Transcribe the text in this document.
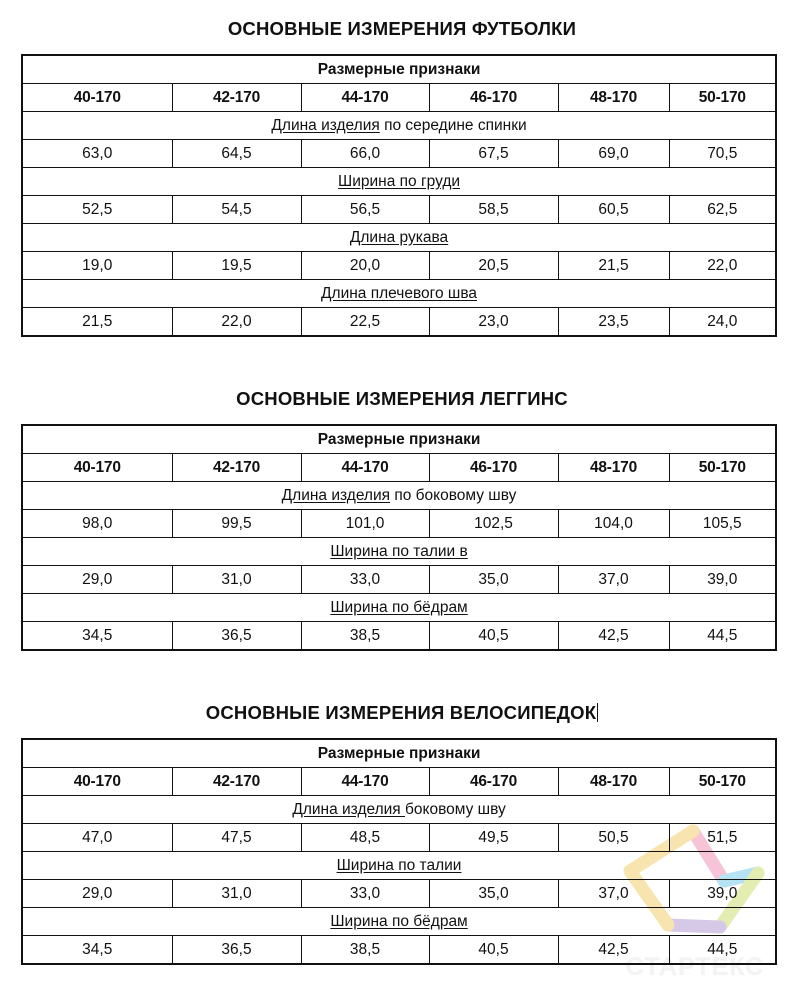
СТАРТЕКС
ОСНОВНЫЕ ИЗМЕРЕНИЯ ФУТБОЛКИ
Размерные признаки					
40-170	42-170	44-170	46-170	48-170	50-170
Длина изделия по середине спинки					
63,0	64,5	66,0	67,5	69,0	70,5
Ширина по груди					
52,5	54,5	56,5	58,5	60,5	62,5
Длина рукава					
19,0	19,5	20,0	20,5	21,5	22,0
Длина плечевого шва					
21,5	22,0	22,5	23,0	23,5	24,0
ОСНОВНЫЕ ИЗМЕРЕНИЯ ЛЕГГИНС
Размерные признаки					
40-170	42-170	44-170	46-170	48-170	50-170
Длина изделия по боковому шву					
98,0	99,5	101,0	102,5	104,0	105,5
Ширина по талии в					
29,0	31,0	33,0	35,0	37,0	39,0
Ширина по бёдрам					
34,5	36,5	38,5	40,5	42,5	44,5
ОСНОВНЫЕ ИЗМЕРЕНИЯ ВЕЛОСИПЕДОК
Размерные признаки					
40-170	42-170	44-170	46-170	48-170	50-170
Длина изделия боковому шву					
47,0	47,5	48,5	49,5	50,5	51,5
Ширина по талии					
29,0	31,0	33,0	35,0	37,0	39,0
Ширина по бёдрам					
34,5	36,5	38,5	40,5	42,5	44,5
